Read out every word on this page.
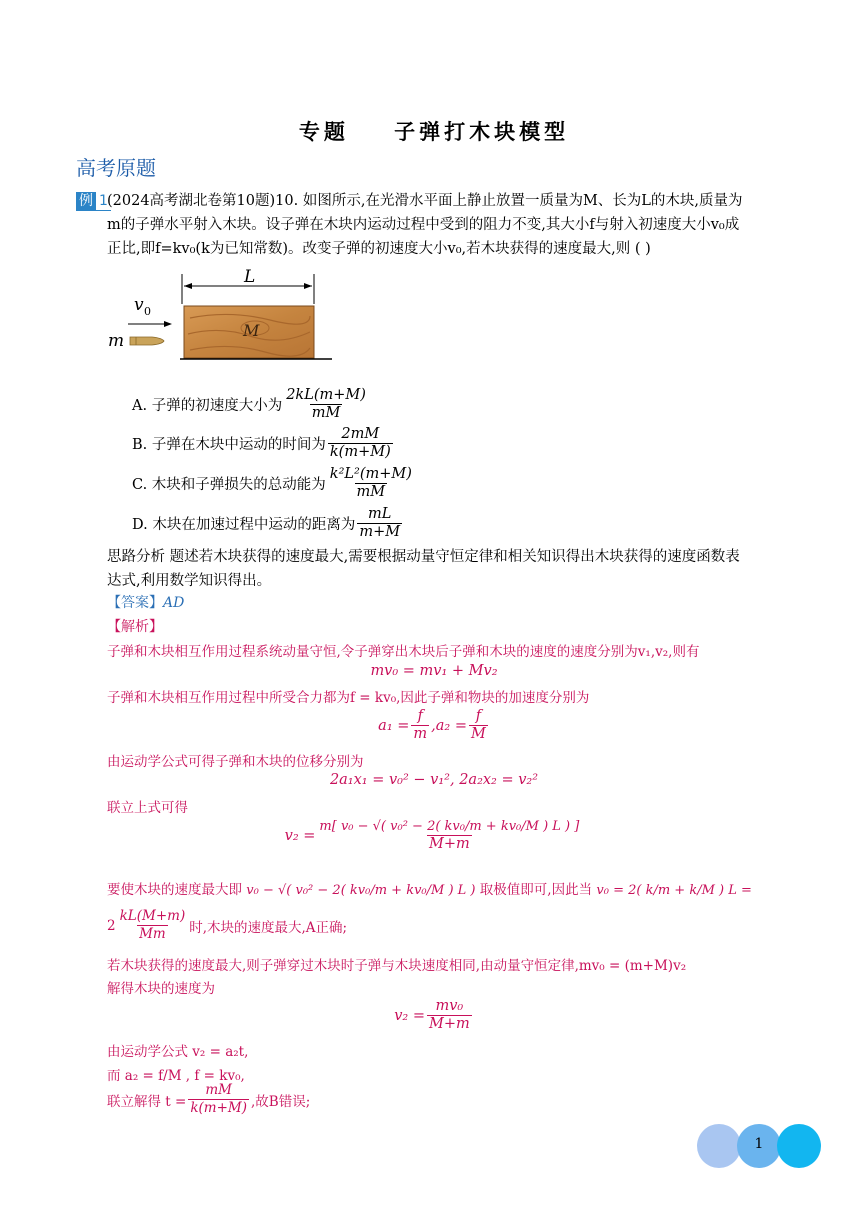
专题    子弹打木块模型
高考原题
例 1 (2024高考湖北卷第10题)10. 如图所示,在光滑水平面上静止放置一质量为M、长为L的木块,质量为
m的子弹水平射入木块。设子弹在木块内运动过程中受到的阻力不变,其大小f与射入初速度大小v₀成
正比,即f=kv₀(k为已知常数)。改变子弹的初速度大小v₀,若木块获得的速度最大,则 ( )
L
M
v 0
m
A. 子弹的初速度大小为 $\frac{2kL(m+M)}{mM}$
B. 子弹在木块中运动的时间为 $\frac{2mM}{k(m+M)}$
C. 木块和子弹损失的总动能为 $\frac{\text{k²L²(m+M)}}{mM}$
D. 木块在加速过程中运动的距离为 $\frac{mL}{m+M}$
思路分析 题述若木块获得的速度最大,需要根据动量守恒定律和相关知识得出木块获得的速度函数表
达式,利用数学知识得出。
【答案】AD
【解析】
子弹和木块相互作用过程系统动量守恒,令子弹穿出木块后子弹和木块的速度的速度分别为v₁,v₂,则有
mv₀ = mv₁ + Mv₂
子弹和木块相互作用过程中所受合力都为f = kv₀,因此子弹和物块的加速度分别为
$a_1 = \frac{f}{m} ,a_2 = \frac{f}{M}$
由运动学公式可得子弹和木块的位移分别为
2a₁x₁ = v₀² − v₁², 2a₂x₂ = v₂²
联立上式可得
$v_2 = \frac{\text{m[ v₀ − √( v₀² − 2( kv₀/m + kv₀/M ) L ) ]}}{M+m}$
要使木块的速度最大即 v₀ − √( v₀² − 2( kv₀/m + kv₀/M ) L ) 取极值即可,因此当 v₀ = 2( k/m + k/M ) L =
$2 \frac{kL(M+m)}{Mm}$ 时,木块的速度最大,A正确;
若木块获得的速度最大,则子弹穿过木块时子弹与木块速度相同,由动量守恒定律,mv₀ = (m+M)v₂
解得木块的速度为
$v_2 = \frac{\text{mv₀}}{M+m}$
由运动学公式 v₂ = a₂t,
而 a₂ = f/M , f = kv₀,
联立解得 $t = \frac{mM}{k(m+M)}$ ,故B错误;
1
